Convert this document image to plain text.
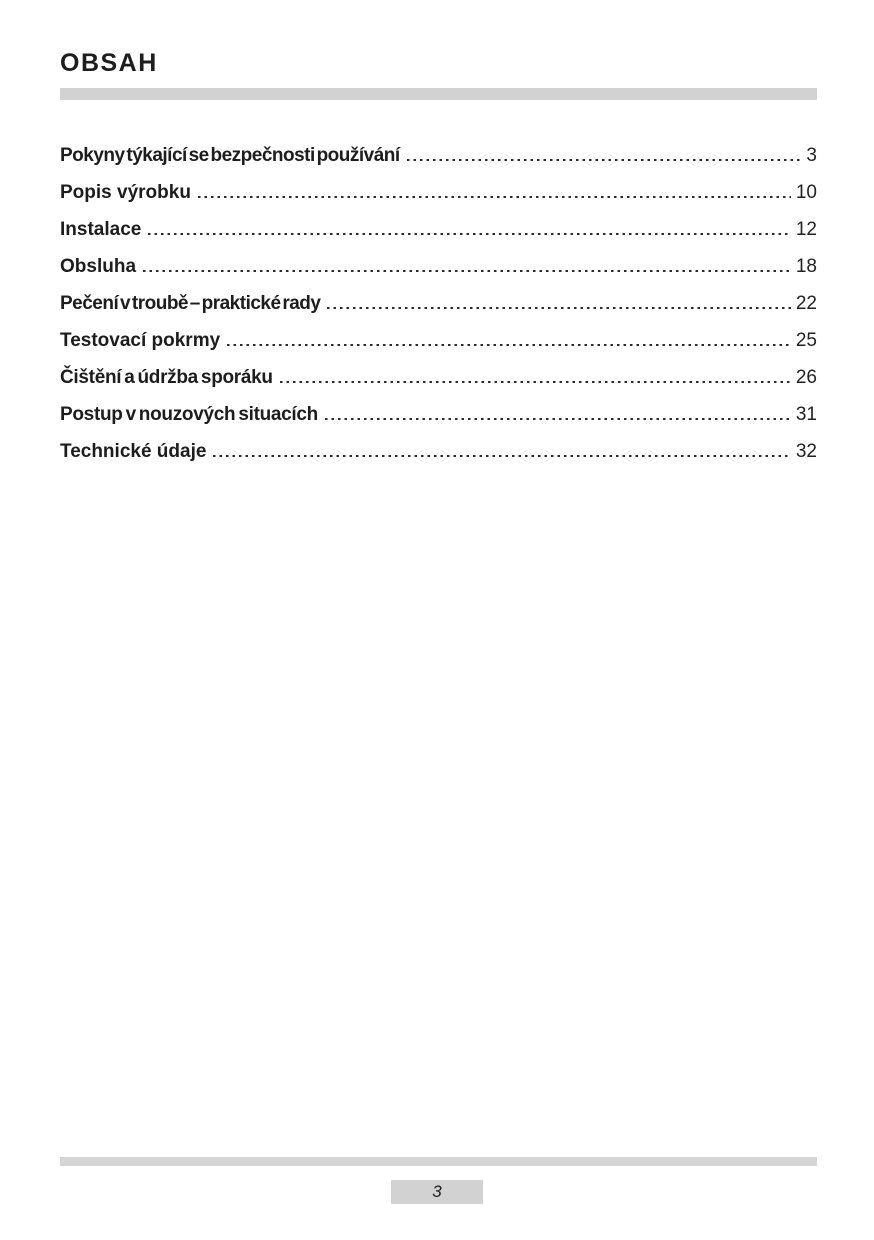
OBSAH
Pokyny týkající se bezpečnosti používání	3
Popis výrobku	10
Instalace	12
Obsluha	18
Pečení v troubě – praktické rady	22
Testovací pokrmy	25
Čištění a údržba sporáku	26
Postup v nouzových situacích	31
Technické údaje	32
3
